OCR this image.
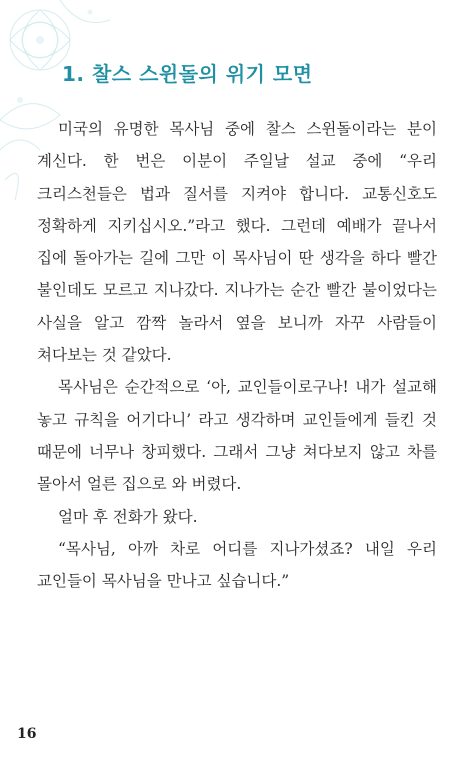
1. 찰스 스윈돌의 위기 모면

미국의 유명한 목사님 중에 찰스 스윈돌이라는 분이 계신다. 한 번은 이분이 주일날 설교 중에 “우리 크리스천들은 법과 질서를 지켜야 합니다. 교통신호도 정확하게 지키십시오.”라고 했다. 그런데 예배가 끝나서 집에 돌아가는 길에 그만 이 목사님이 딴 생각을 하다 빨간 불인데도 모르고 지나갔다. 지나가는 순간 빨간 불이었다는 사실을 알고 깜짝 놀라서 옆을 보니까 자꾸 사람들이 쳐다보는 것 같았다.

목사님은 순간적으로 ‘아, 교인들이로구나! 내가 설교해 놓고 규칙을 어기다니’ 라고 생각하며 교인들에게 들킨 것 때문에 너무나 창피했다. 그래서 그냥 쳐다보지 않고 차를 몰아서 얼른 집으로 와 버렸다.

얼마 후 전화가 왔다.

“목사님, 아까 차로 어디를 지나가셨죠? 내일 우리 교인들이 목사님을 만나고 싶습니다.”

16
